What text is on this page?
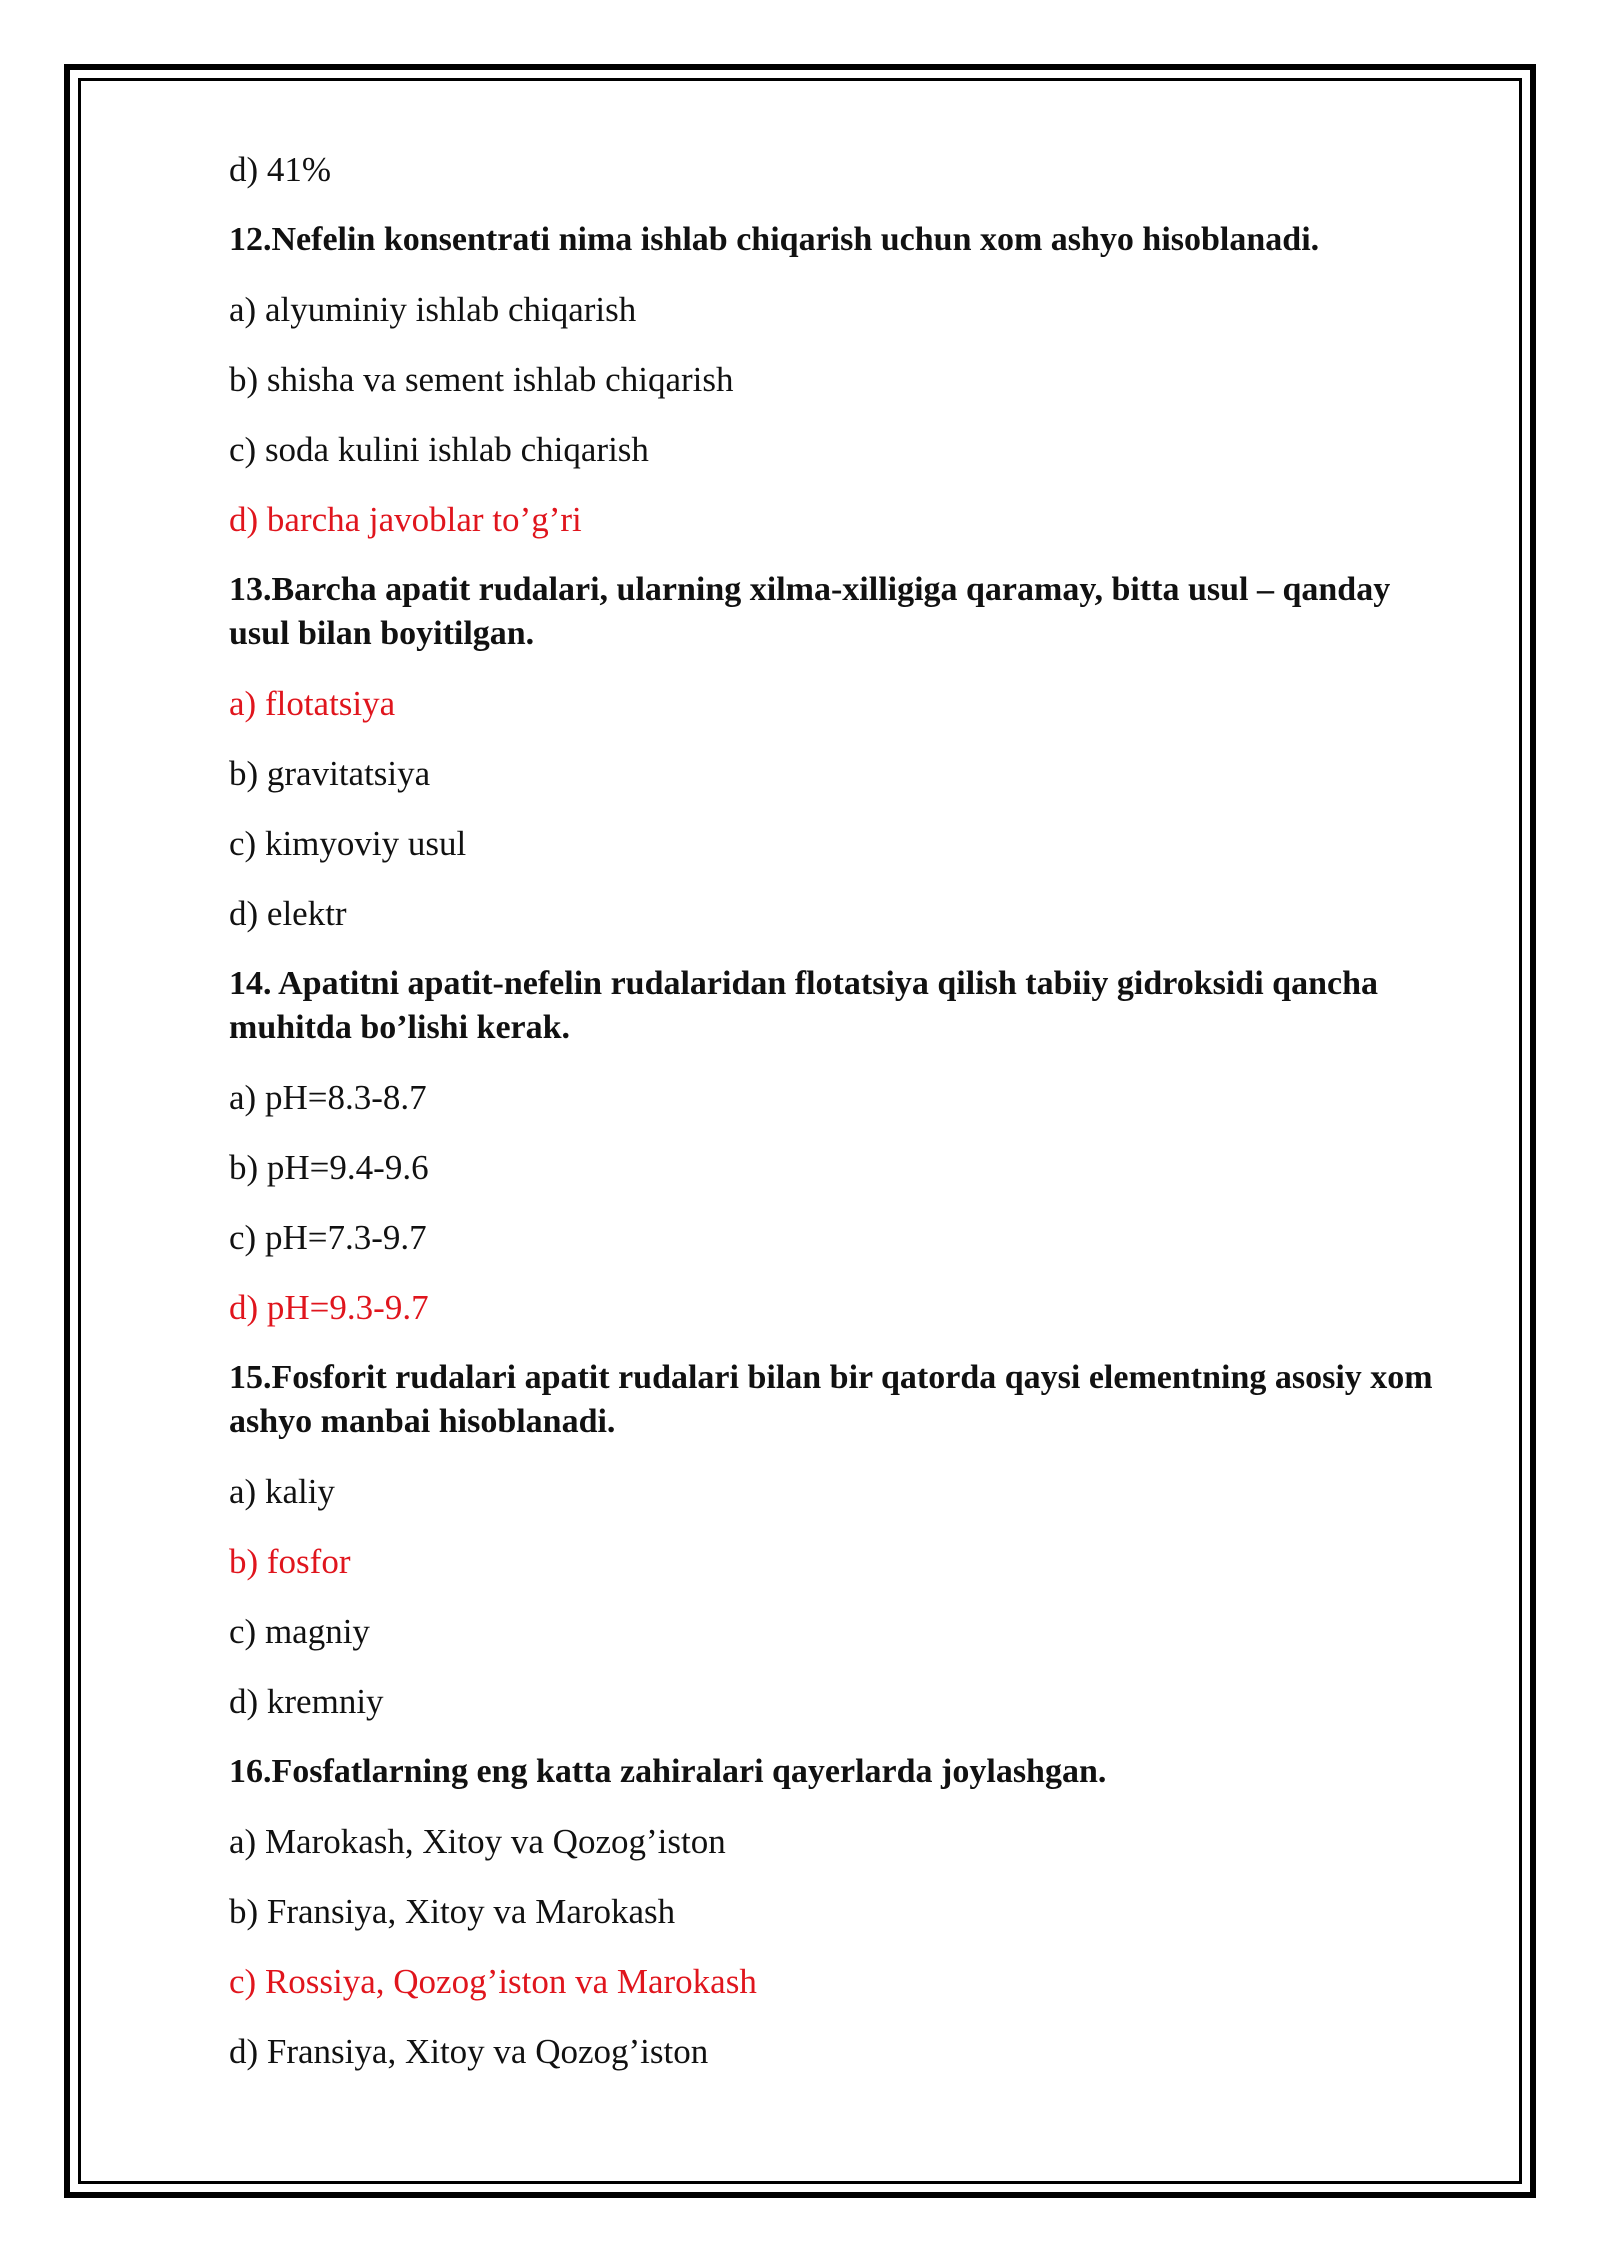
d) 41%

12.Nefelin konsentrati nima ishlab chiqarish uchun xom ashyo hisoblanadi.

a) alyuminiy ishlab chiqarish

b) shisha va sement ishlab chiqarish

c) soda kulini ishlab chiqarish

d) barcha javoblar to’g’ri

13.Barcha apatit rudalari, ularning xilma-xilligiga qaramay, bitta usul – qanday usul bilan boyitilgan.

a) flotatsiya

b) gravitatsiya

c) kimyoviy usul

d) elektr

14. Apatitni apatit-nefelin rudalaridan flotatsiya qilish tabiiy gidroksidi qancha muhitda bo’lishi kerak.

a) pH=8.3-8.7

b) pH=9.4-9.6

c) pH=7.3-9.7

d) pH=9.3-9.7

15.Fosforit rudalari apatit rudalari bilan bir qatorda qaysi elementning asosiy xom ashyo manbai hisoblanadi.

a) kaliy

b) fosfor

c) magniy

d) kremniy

16.Fosfatlarning eng katta zahiralari qayerlarda joylashgan.

a) Marokash, Xitoy va Qozog’iston

b) Fransiya, Xitoy va Marokash

c) Rossiya, Qozog’iston va Marokash

d) Fransiya, Xitoy va Qozog’iston
